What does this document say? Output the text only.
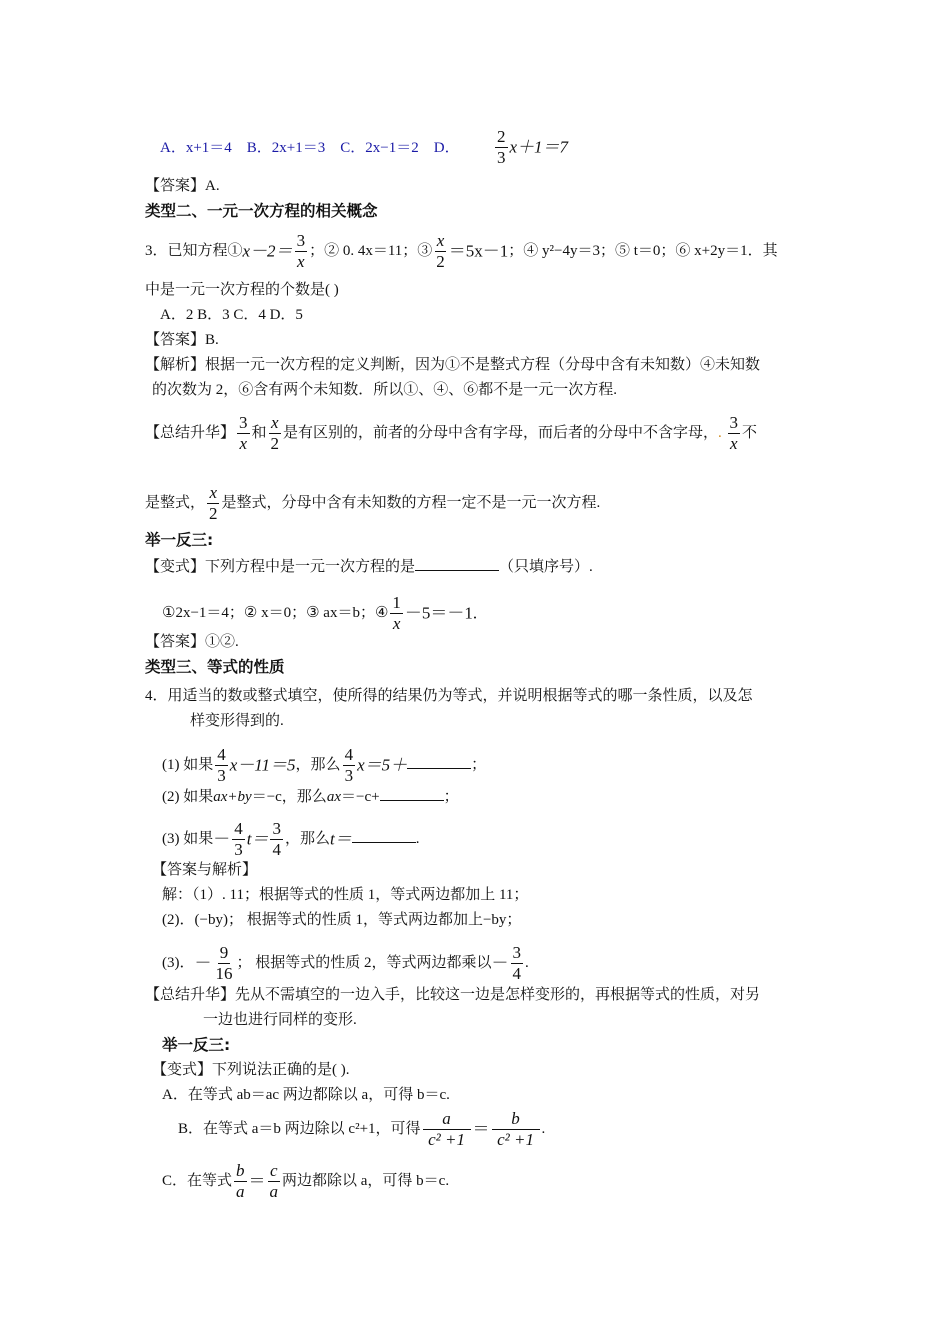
A．x+1＝4 B．2x+1＝3 C．2x−1＝2 D． $\frac{2}{3} x+1=7$
【答案】A.
类型二、一元一次方程的相关概念
3．已知方程①x－2＝ $\frac{3}{x}$ ；② 0. 4x＝11；③ $\frac{x}{2} =5x-1$；④ y²−4y＝3；⑤ t＝0；⑥ x+2y＝1．其
中是一元一次方程的个数是( )
A．2 B．3 C．4 D．5
【答案】B.
【解析】根据一元一次方程的定义判断，因为①不是整式方程（分母中含有未知数）④未知数
的次数为 2，⑥含有两个未知数．所以①、④、⑥都不是一元一次方程.
【总结升华】 $\frac{3}{x}$ 和 $\frac{x}{2}$ 是有区别的，前者的分母中含有字母，而后者的分母中不含字母，. $\frac{3}{x}$ 不
是整式， $\frac{x}{2}$ 是整式，分母中含有未知数的方程一定不是一元一次方程.
举一反三:
【变式】下列方程中是一元一次方程的是	（只填序号）.
①2x−1＝4；② x＝0；③ ax＝b；④ $\frac{1}{x} -5=-1$.
【答案】①②.
类型三、等式的性质
4．用适当的数或整式填空，使所得的结果仍为等式，并说明根据等式的哪一条性质，以及怎
样变形得到的.
(1) 如果 $\frac{4}{3} x-11=5$，那么 $\frac{4}{3} x=5+$	；
(2) 如果ax+by＝−c，那么ax＝−c+	；
(3) 如果－ $\frac{4}{3} t= \frac{3}{4}$ ，那么t＝	.
【答案与解析】
解：（1）. 11；根据等式的性质 1，等式两边都加上 11；
(2)．(−by)； 根据等式的性质 1，等式两边都加上−by；
(3)．－ $\frac{9}{16}$ ； 根据等式的性质 2，等式两边都乘以－ $\frac{3}{4}$ .
【总结升华】先从不需填空的一边入手，比较这一边是怎样变形的，再根据等式的性质，对另
一边也进行同样的变形.
举一反三:
【变式】下列说法正确的是( ).
A．在等式 ab＝ac 两边都除以 a，可得 b＝c.
B．在等式 a＝b 两边除以 c²+1，可得 $\frac{a}{\text{c² +1}} = \frac{b}{\text{c² +1}}$ .
C．在等式 $\frac{b}{a} = \frac{c}{a}$ 两边都除以 a，可得 b＝c.
